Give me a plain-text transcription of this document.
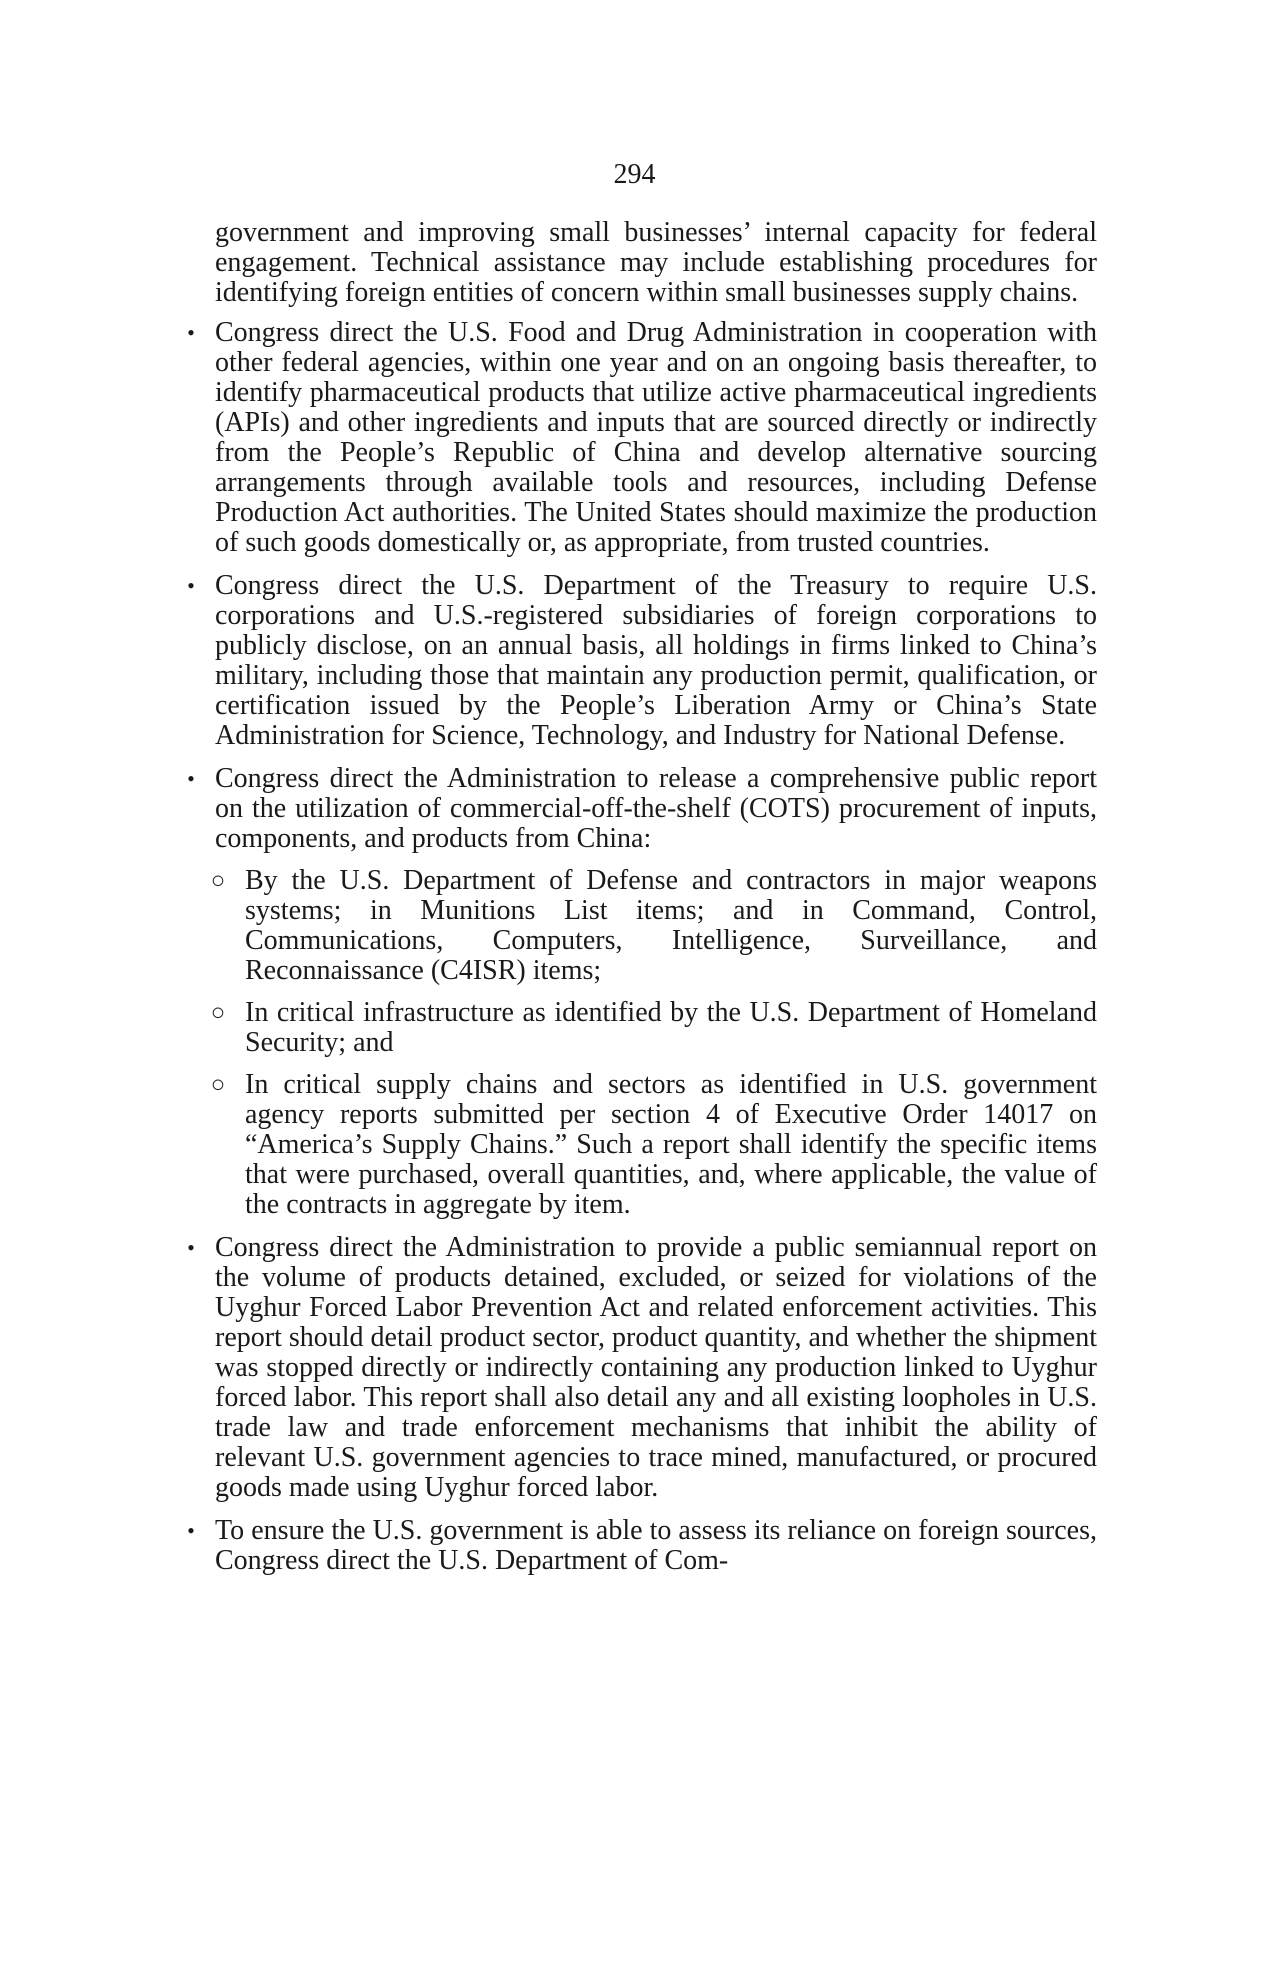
294

government and improving small businesses’ internal capacity for federal engagement. Technical assistance may include establishing procedures for identifying foreign entities of concern within small businesses supply chains.

• Congress direct the U.S. Food and Drug Administration in cooperation with other federal agencies, within one year and on an ongoing basis thereafter, to identify pharmaceutical products that utilize active pharmaceutical ingredients (APIs) and other ingredients and inputs that are sourced directly or indirectly from the People’s Republic of China and develop alternative sourcing arrangements through available tools and resources, including Defense Production Act authorities. The United States should maximize the production of such goods domestically or, as appropriate, from trusted countries.

• Congress direct the U.S. Department of the Treasury to require U.S. corporations and U.S.-registered subsidiaries of foreign corporations to publicly disclose, on an annual basis, all holdings in firms linked to China’s military, including those that maintain any production permit, qualification, or certification issued by the People’s Liberation Army or China’s State Administration for Science, Technology, and Industry for National Defense.

• Congress direct the Administration to release a comprehensive public report on the utilization of commercial-off-the-shelf (COTS) procurement of inputs, components, and products from China:

○ By the U.S. Department of Defense and contractors in major weapons systems; in Munitions List items; and in Command, Control, Communications, Computers, Intelligence, Surveillance, and Reconnaissance (C4ISR) items;

○ In critical infrastructure as identified by the U.S. Department of Homeland Security; and

○ In critical supply chains and sectors as identified in U.S. government agency reports submitted per section 4 of Executive Order 14017 on “America’s Supply Chains.” Such a report shall identify the specific items that were purchased, overall quantities, and, where applicable, the value of the contracts in aggregate by item.

• Congress direct the Administration to provide a public semiannual report on the volume of products detained, excluded, or seized for violations of the Uyghur Forced Labor Prevention Act and related enforcement activities. This report should detail product sector, product quantity, and whether the shipment was stopped directly or indirectly containing any production linked to Uyghur forced labor. This report shall also detail any and all existing loopholes in U.S. trade law and trade enforcement mechanisms that inhibit the ability of relevant U.S. government agencies to trace mined, manufactured, or procured goods made using Uyghur forced labor.

• To ensure the U.S. government is able to assess its reliance on foreign sources, Congress direct the U.S. Department of Com-
